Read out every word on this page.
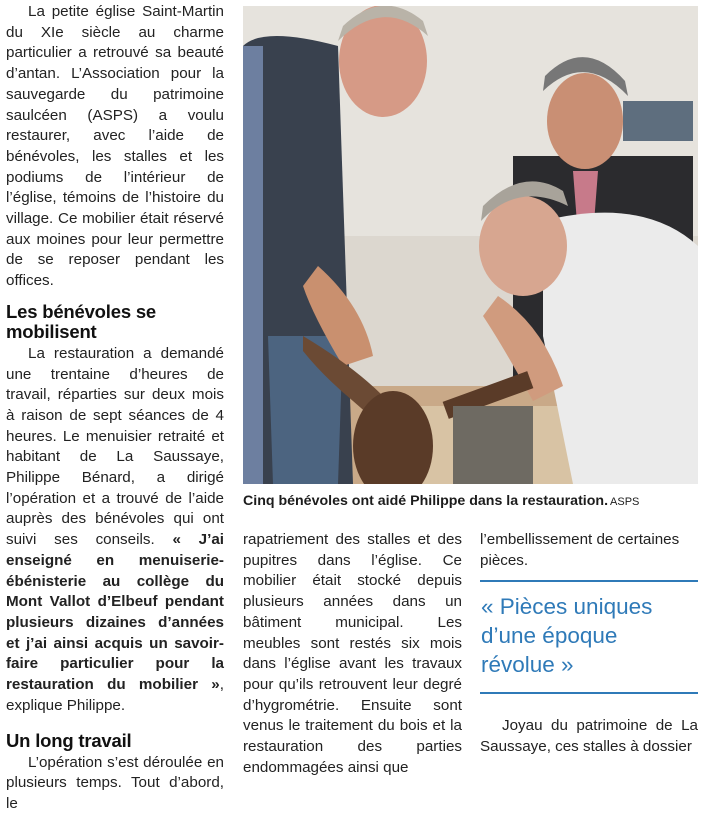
La petite église Saint-Martin du XIe siècle au charme particulier a retrouvé sa beauté d’antan. L’Association pour la sauvegarde du patrimoine saulcéen (ASPS) a voulu restaurer, avec l’aide de bénévoles, les stalles et les podiums de l’intérieur de l’église, témoins de l’histoire du village. Ce mobilier était réservé aux moines pour leur permettre de se reposer pendant les offices.

Les bénévoles se mobilisent

La restauration a demandé une trentaine d’heures de travail, réparties sur deux mois à raison de sept séances de 4 heures. Le menuisier retraité et habitant de La Saussaye, Philippe Bénard, a dirigé l’opération et a trouvé de l’aide auprès des bénévoles qui ont suivi ses conseils. « J’ai enseigné en menuiserie-ébénisterie au collège du Mont Vallot d’Elbeuf pendant plusieurs dizaines d’années et j’ai ainsi acquis un savoir-faire particulier pour la restauration du mobilier », explique Philippe.

Un long travail

L’opération s’est déroulée en plusieurs temps. Tout d’abord, le

Cinq bénévoles ont aidé Philippe dans la restauration. ASPS

rapatriement des stalles et des pupitres dans l’église. Ce mobilier était stocké depuis plusieurs années dans un bâtiment municipal. Les meubles sont restés six mois dans l’église avant les travaux pour qu’ils retrouvent leur degré d’hygrométrie. Ensuite sont venus le traitement du bois et la restauration des parties endommagées ainsi que

l’embellissement de certaines pièces.

« Pièces uniques d’une époque révolue »

Joyau du patrimoine de La Saussaye, ces stalles à dossier
